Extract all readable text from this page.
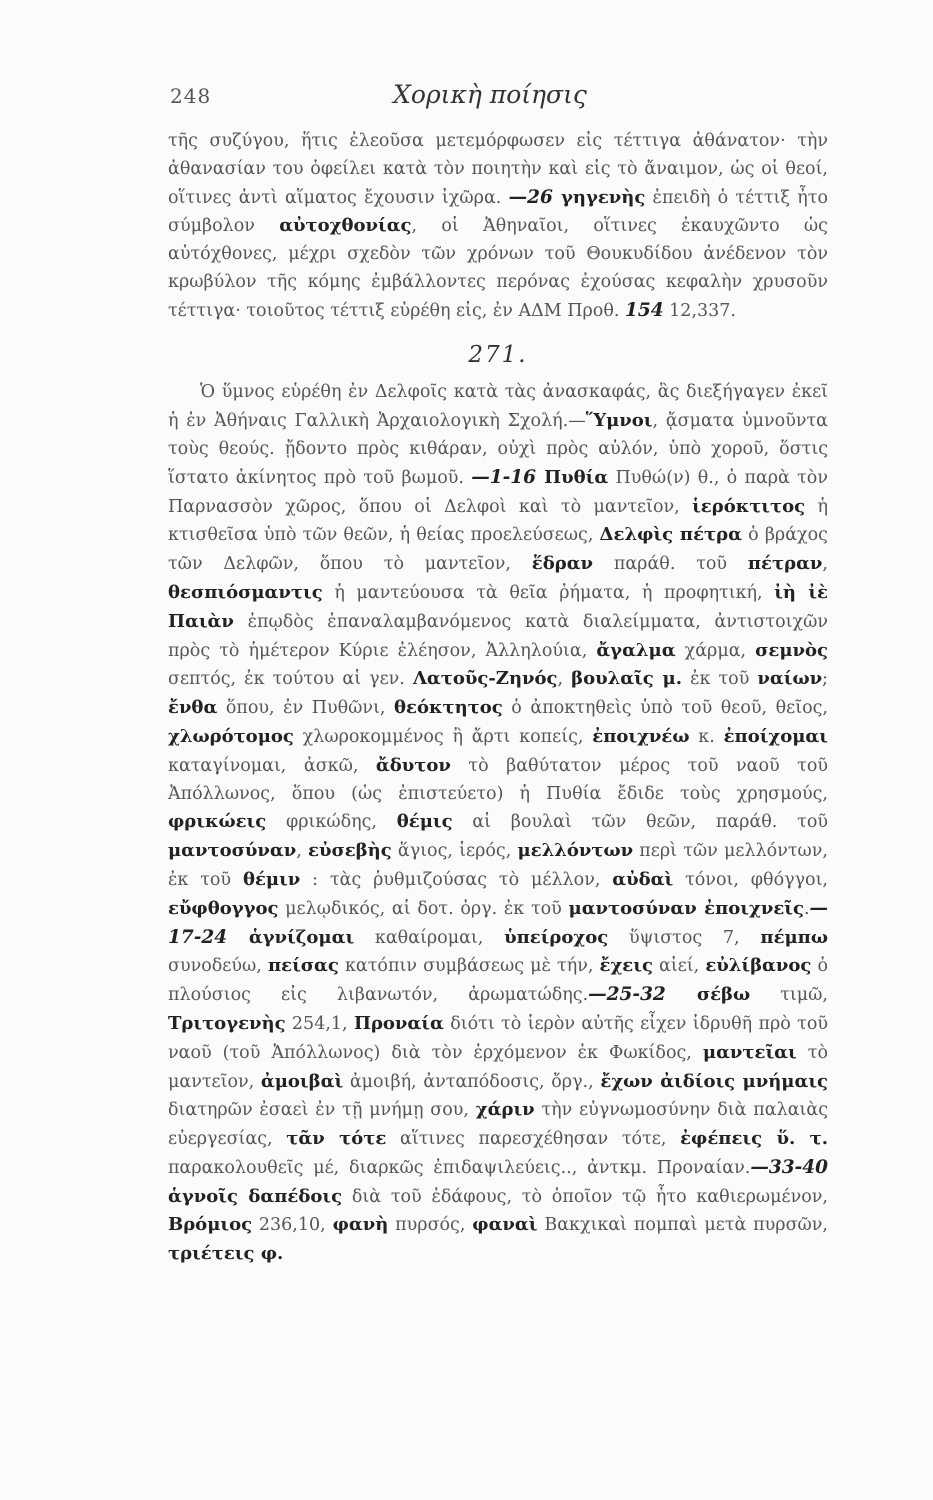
248	Χορικὴ ποίησις

τῆς συζύγου, ἥτις ἐλεοῦσα μετεμόρφωσεν εἰς τέττιγα ἀθάνατον· τὴν ἀθανασίαν του ὀφείλει κατὰ τὸν ποιητὴν καὶ εἰς τὸ ἄναιμον, ὡς οἱ θεοί, οἵτινες ἀντὶ αἵματος ἔχουσιν ἰχῶρα. —26 γηγενὴς ἐπειδὴ ὁ τέττιξ ἦτο σύμβολον αὐτοχθονίας, οἱ Ἀθηναῖοι, οἵτινες ἐκαυχῶντο ὡς αὐτόχθονες, μέχρι σχεδὸν τῶν χρόνων τοῦ Θουκυδίδου ἀνέδενον τὸν κρωβύλον τῆς κόμης ἐμβάλλοντες περόνας ἐχούσας κεφαλὴν χρυσοῦν τέττιγα· τοιοῦτος τέττιξ εὑρέθη εἰς, ἐν ΑΔΜ Προθ. 154 12,337.

271.

Ὁ ὕμνος εὑρέθη ἐν Δελφοῖς κατὰ τὰς ἀνασκαφάς, ἃς διεξήγαγεν ἐκεῖ ἡ ἐν Ἀθήναις Γαλλικὴ Ἀρχαιολογικὴ Σχολή.—Ὕμνοι, ᾄσματα ὑμνοῦντα τοὺς θεούς. ᾔδοντο πρὸς κιθάραν, οὐχὶ πρὸς αὐλόν, ὑπὸ χοροῦ, ὅστις ἵστατο ἀκίνητος πρὸ τοῦ βωμοῦ. —1-16 Πυθία Πυθώ(ν) θ., ὁ παρὰ τὸν Παρνασσὸν χῶρος, ὅπου οἱ Δελφοὶ καὶ τὸ μαντεῖον, ἱερόκτιτος ἡ κτισθεῖσα ὑπὸ τῶν θεῶν, ἡ θείας προελεύσεως, Δελφὶς πέτρα ὁ βράχος τῶν Δελφῶν, ὅπου τὸ μαντεῖον, ἕδραν παράθ. τοῦ πέτραν, θεσπιόσμαντις ἡ μαντεύουσα τὰ θεῖα ῥήματα, ἡ προφητική, ἰὴ ἰὲ Παιὰν ἐπῳδὸς ἐπαναλαμβανόμενος κατὰ διαλείμματα, ἀντιστοιχῶν πρὸς τὸ ἡμέτερον Κύριε ἐλέησον, Ἀλληλούια, ἄγαλμα χάρμα, σεμνὸς σεπτός, ἐκ τούτου αἱ γεν. Λατοῦς-Ζηνός, βουλαῖς μ. ἐκ τοῦ ναίων; ἔνθα ὅπου, ἐν Πυθῶνι, θεόκτητος ὁ ἀποκτηθεὶς ὑπὸ τοῦ θεοῦ, θεῖος, χλωρότομος χλωροκομμένος ἢ ἄρτι κοπείς, ἐποιχνέω κ. ἐποίχομαι καταγίνομαι, ἀσκῶ, ἄδυτον τὸ βαθύτατον μέρος τοῦ ναοῦ τοῦ Ἀπόλλωνος, ὅπου (ὡς ἐπιστεύετο) ἡ Πυθία ἔδιδε τοὺς χρησμούς, φρικώεις φρικώδης, θέμις αἱ βουλαὶ τῶν θεῶν, παράθ. τοῦ μαντοσύναν, εὐσεβὴς ἅγιος, ἱερός, μελλόντων περὶ τῶν μελλόντων, ἐκ τοῦ θέμιν : τὰς ῥυθμιζούσας τὸ μέλλον, αὐδαὶ τόνοι, φθόγγοι, εὔφθογγος μελῳδικός, αἱ δοτ. ὀργ. ἐκ τοῦ μαντοσύναν ἐποιχνεῖς.—17-24 ἁγνίζομαι καθαίρομαι, ὑπείροχος ὕψιστος 7, πέμπω συνοδεύω, πείσας κατόπιν συμβάσεως μὲ τήν, ἔχεις αἰεί, εὐλίβανος ὁ πλούσιος εἰς λιβανωτόν, ἀρωματώδης.—25-32 σέβω τιμῶ, Τριτογενὴς 254,1, Προναία διότι τὸ ἱερὸν αὐτῆς εἶχεν ἱδρυθῆ πρὸ τοῦ ναοῦ (τοῦ Ἀπόλλωνος) διὰ τὸν ἐρχόμενον ἐκ Φωκίδος, μαντεῖαι τὸ μαντεῖον, ἀμοιβαὶ ἀμοιβή, ἀνταπόδοσις, ὄργ., ἔχων ἀιδίοις μνήμαις διατηρῶν ἐσαεὶ ἐν τῇ μνήμῃ σου, χάριν τὴν εὐγνωμοσύνην διὰ παλαιὰς εὐεργεσίας, τᾶν τότε αἵτινες παρεσχέθησαν τότε, ἐφέπεις ὕ. τ. παρακολουθεῖς μέ, διαρκῶς ἐπιδαψιλεύεις.., ἀντκμ. Προναίαν.—33-40 ἁγνοῖς δαπέδοις διὰ τοῦ ἐδάφους, τὸ ὁποῖον τῷ ἦτο καθιερωμένον, Βρόμιος 236,10, φανὴ πυρσός, φαναὶ Βακχικαὶ πομπαὶ μετὰ πυρσῶν, τριέτεις φ.
